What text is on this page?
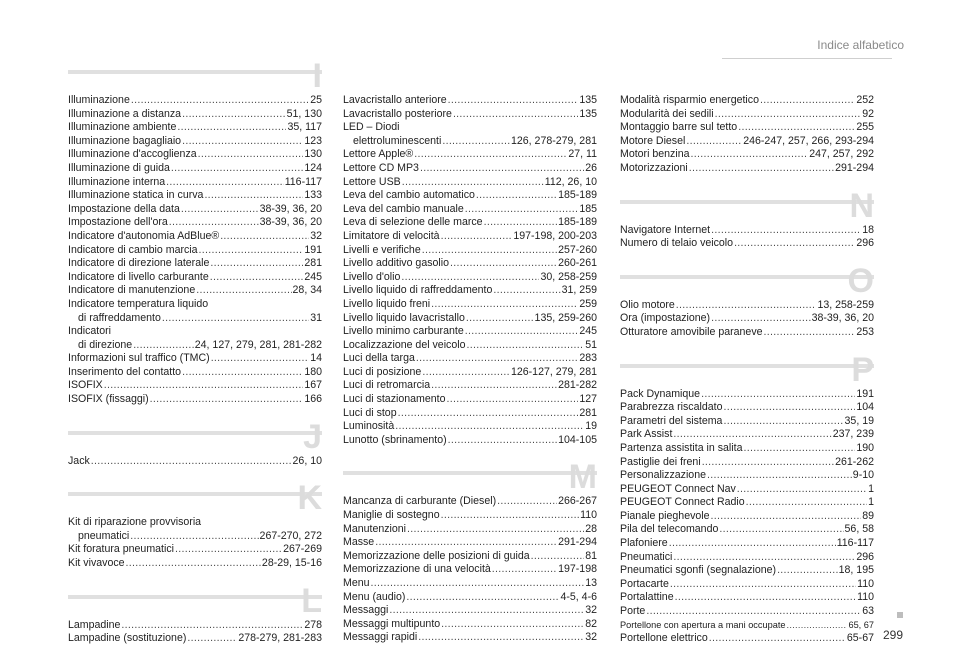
Indice alfabetico
I
Illuminazione .....	25
Illuminazione a distanza .....	51, 130
Illuminazione ambiente .....	35, 117
Illuminazione bagagliaio .....	123
Illuminazione d'accoglienza .....	130
Illuminazione di guida .....	124
Illuminazione interna .....	116-117
Illuminazione statica in curva .....	133
Impostazione della data .....	38-39, 36, 20
Impostazione dell'ora .....	38-39, 36, 20
Indicatore d'autonomia AdBlue® .....	32
Indicatore di cambio marcia .....	191
Indicatore di direzione laterale .....	281
Indicatore di livello carburante .....	245
Indicatore di manutenzione .....	28, 34
Indicatore temperatura liquido
di raffreddamento .....	31
Indicatori
di direzione .....	24, 127, 279, 281, 281-282
Informazioni sul traffico (TMC) .....	14
Inserimento del contatto .....	180
ISOFIX .....	167
ISOFIX (fissaggi) .....	166
J
Jack .....	26, 10
K
Kit di riparazione provvisoria
pneumatici .....	267-270, 272
Kit foratura pneumatici .....	267-269
Kit vivavoce .....	28-29, 15-16
L
Lampadine .....	278
Lampadine (sostituzione) .....	278-279, 281-283
Lavacristallo anteriore .....	135
Lavacristallo posteriore .....	135
LED – Diodi
elettroluminescenti .....	126, 278-279, 281
Lettore Apple® .....	27, 11
Lettore CD MP3 .....	26
Lettore USB .....	112, 26, 10
Leva del cambio automatico .....	185-189
Leva del cambio manuale .....	185
Leva di selezione delle marce .....	185-189
Limitatore di velocità .....	197-198, 200-203
Livelli e verifiche .....	257-260
Livello additivo gasolio .....	260-261
Livello d'olio .....	30, 258-259
Livello liquido di raffreddamento .....	31, 259
Livello liquido freni .....	259
Livello liquido lavacristallo .....	135, 259-260
Livello minimo carburante .....	245
Localizzazione del veicolo .....	51
Luci della targa .....	283
Luci di posizione .....	126-127, 279, 281
Luci di retromarcia .....	281-282
Luci di stazionamento .....	127
Luci di stop .....	281
Luminosità .....	19
Lunotto (sbrinamento) .....	104-105
M
Mancanza di carburante (Diesel) .....	266-267
Maniglie di sostegno .....	110
Manutenzioni .....	28
Masse .....	291-294
Memorizzazione delle posizioni di guida .....	81
Memorizzazione di una velocità .....	197-198
Menu .....	13
Menu (audio) .....	4-5, 4-6
Messaggi .....	32
Messaggi multipunto .....	82
Messaggi rapidi .....	32
Modalità risparmio energetico .....	252
Modularità dei sedili .....	92
Montaggio barre sul tetto .....	255
Motore Diesel .....	246-247, 257, 266, 293-294
Motori benzina .....	247, 257, 292
Motorizzazioni .....	291-294
N
Navigatore Internet .....	18
Numero di telaio veicolo .....	296
O
Olio motore .....	13, 258-259
Ora (impostazione) .....	38-39, 36, 20
Otturatore amovibile paraneve .....	253
P
Pack Dynamique .....	191
Parabrezza riscaldato .....	104
Parametri del sistema .....	35, 19
Park Assist .....	237, 239
Partenza assistita in salita .....	190
Pastiglie dei freni .....	261-262
Personalizzazione .....	9-10
PEUGEOT Connect Nav .....	1
PEUGEOT Connect Radio .....	1
Pianale pieghevole .....	89
Pila del telecomando .....	56, 58
Plafoniere .....	116-117
Pneumatici .....	296
Pneumatici sgonfi (segnalazione) .....	18, 195
Portacarte .....	110
Portalattine .....	110
Porte .....	63
Portellone con apertura a mani occupate .....	65, 67
Portellone elettrico .....	65-67 299
